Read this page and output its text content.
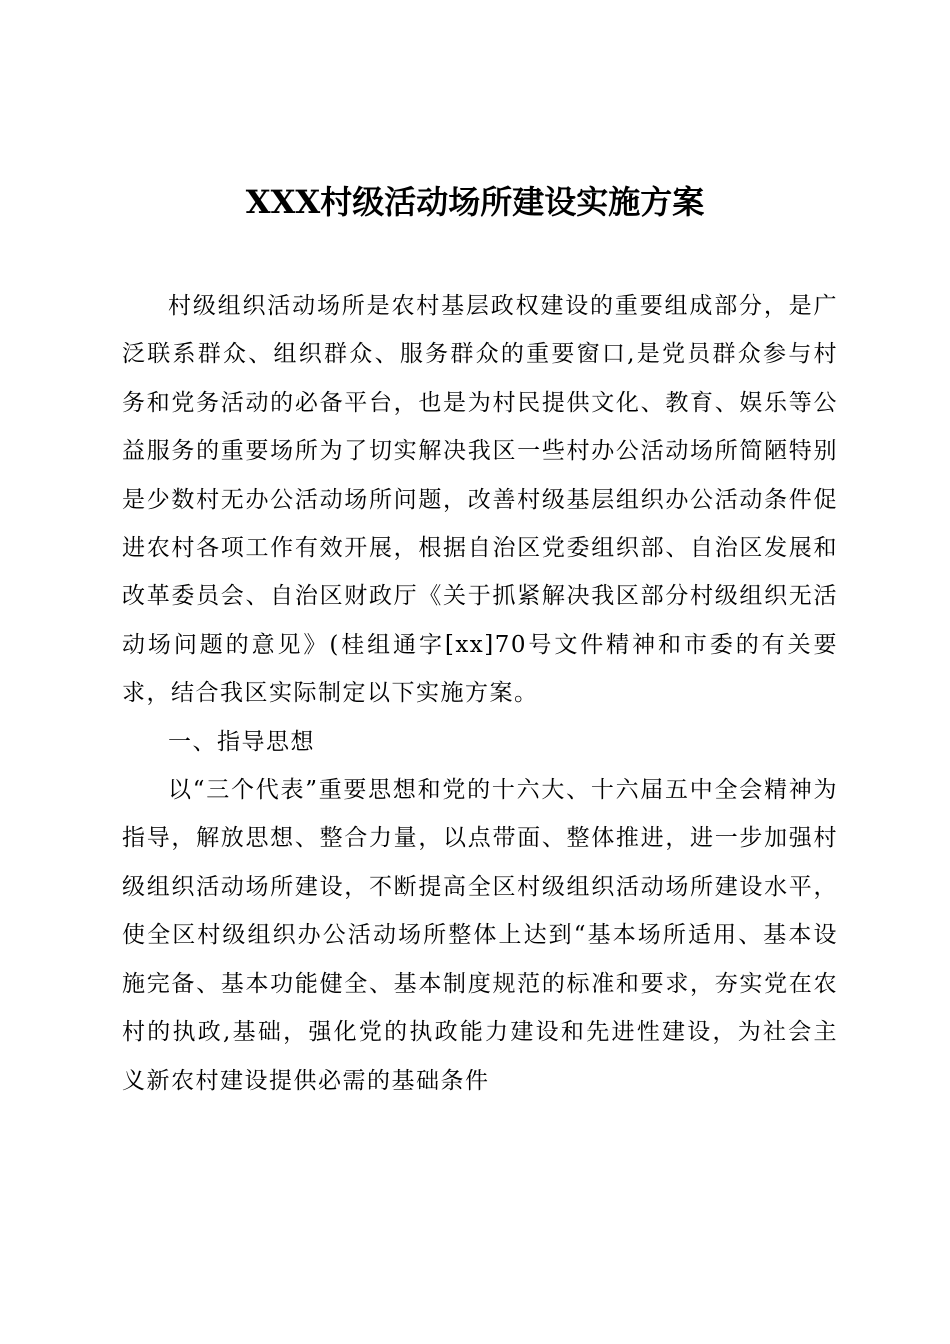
XXX村级活动场所建设实施方案

村级组织活动场所是农村基层政权建设的重要组成部分，是广泛联系群众、组织群众、服务群众的重要窗口,是党员群众参与村务和党务活动的必备平台，也是为村民提供文化、教育、娱乐等公益服务的重要场所为了切实解决我区一些村办公活动场所简陋特别是少数村无办公活动场所问题，改善村级基层组织办公活动条件促进农村各项工作有效开展，根据自治区党委组织部、自治区发展和改革委员会、自治区财政厅《关于抓紧解决我区部分村级组织无活动场问题的意见》(桂组通字[xx]70号文件精神和市委的有关要求，结合我区实际制定以下实施方案。

一、指导思想

以“三个代表”重要思想和党的十六大、十六届五中全会精神为指导，解放思想、整合力量，以点带面、整体推进，进一步加强村级组织活动场所建设，不断提高全区村级组织活动场所建设水平，使全区村级组织办公活动场所整体上达到“基本场所适用、基本设施完备、基本功能健全、基本制度规范的标准和要求，夯实党在农村的执政,基础，强化党的执政能力建设和先进性建设，为社会主义新农村建设提供必需的基础条件
